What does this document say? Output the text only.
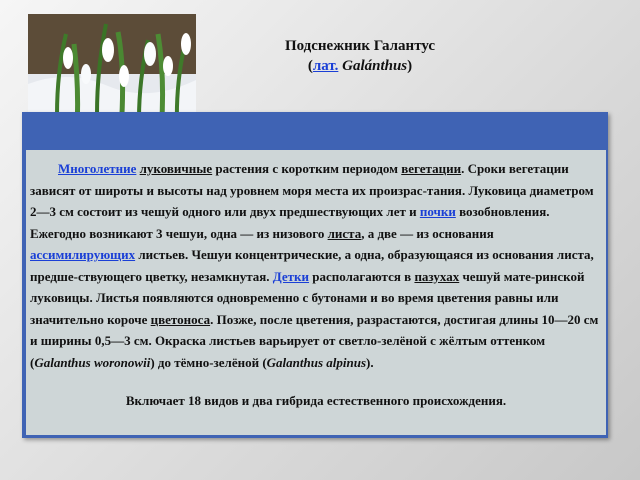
Подснежник Галантус
(лат. Galánthus)
Многолетние луковичные растения с коротким периодом вегетации. Сроки вегетации зависят от широты и высоты над уровнем моря места их произрас-тания. Луковица диаметром 2—3 см состоит из чешуй одного или двух предшествующих лет и почки возобновления. Ежегодно возникают 3 чешуи, одна — из низового листа, а две — из основания ассимилирующих листьев. Чешуи концентрические, а одна, образующаяся из основания листа, предше-ствующего цветку, незамкнутая. Детки располагаются в пазухах чешуй мате-ринской луковицы. Листья появляются одновременно с бутонами и во время цветения равны или значительно короче цветоноса. Позже, после цветения, разрастаются, достигая длины 10—20 см и ширины 0,5—3 см. Окраска листьев варьирует от светло-зелёной с жёлтым оттенком (Galanthus woronowii) до тёмно-зелёной (Galanthus alpinus).
Включает 18 видов и два гибрида естественного происхождения.
